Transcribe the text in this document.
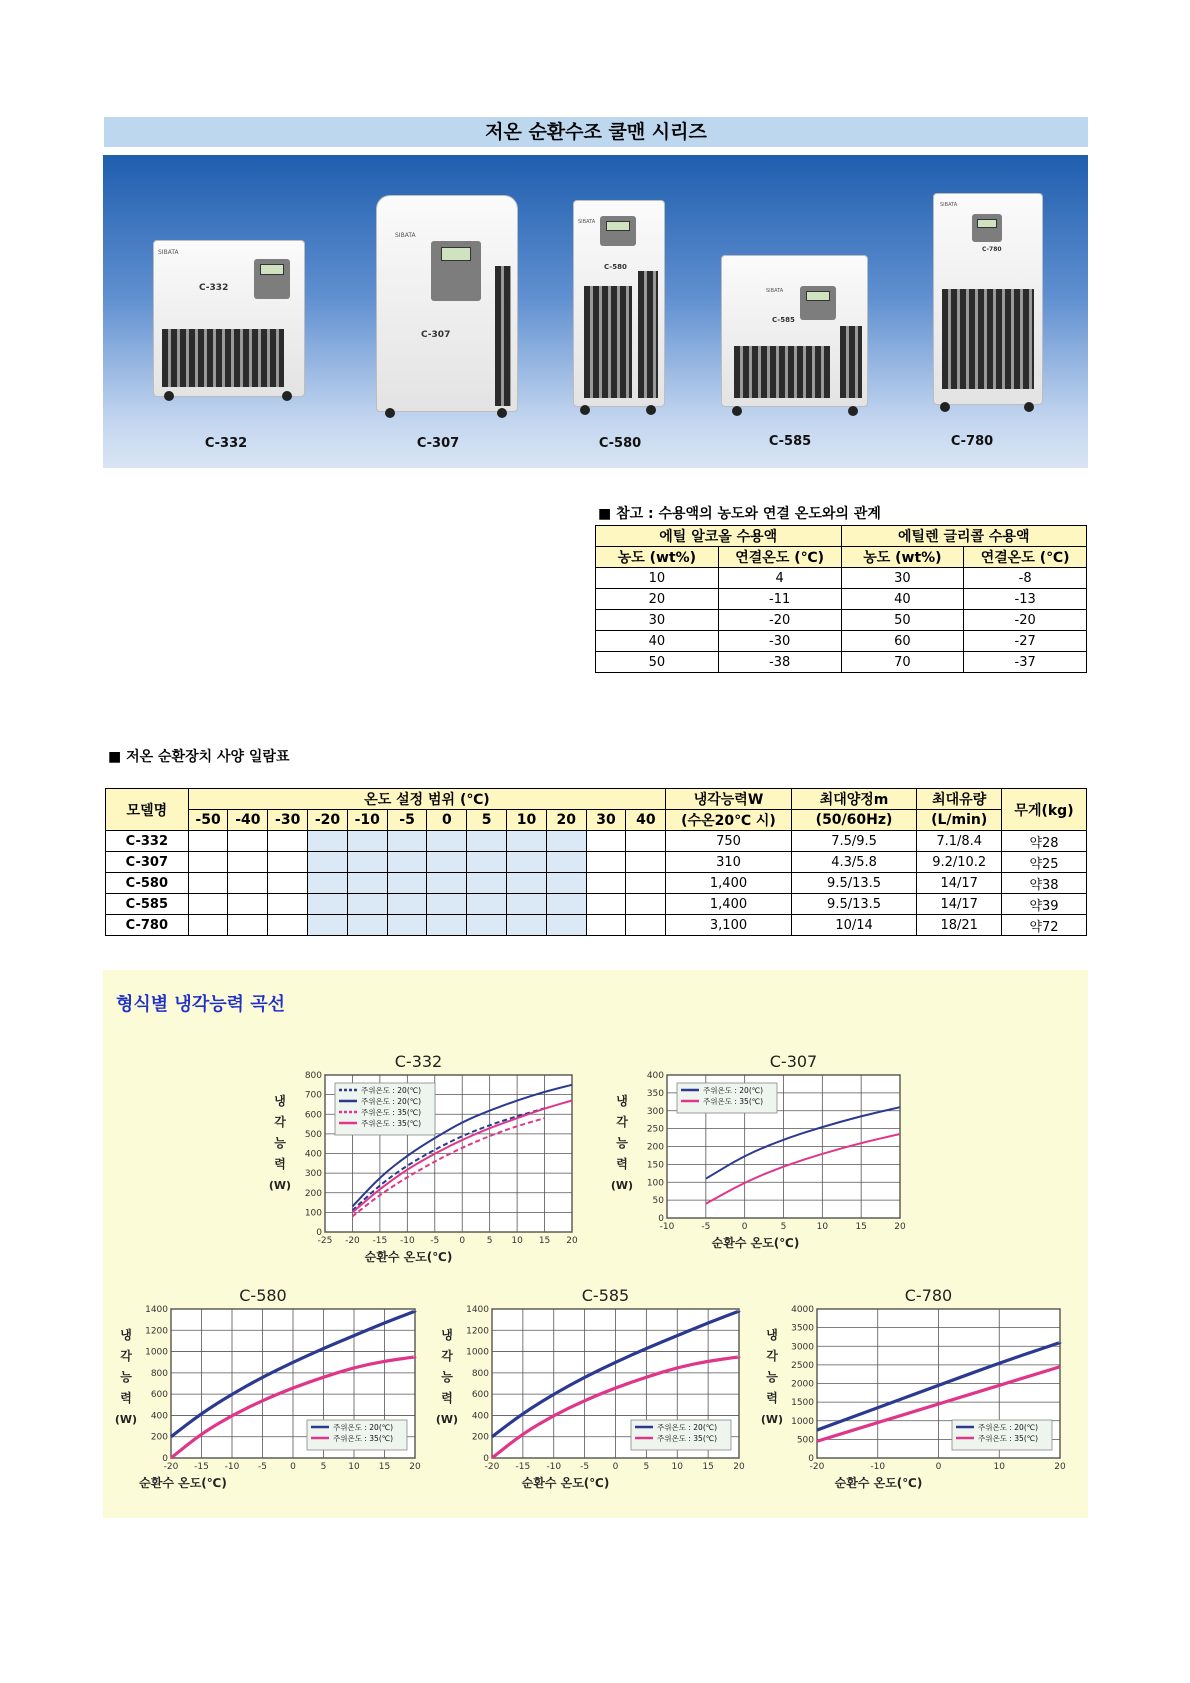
저온 순환수조 쿨맨 시리즈
C-332
SIBATA
C-307
SIBATA
C-580
SIBATA
C-585
SIBATA
C-780
SIBATA
C-332	C-307	C-580	C-585	C-780
■ 참고 : 수용액의 농도와 연결 온도와의 관계
에틸 알코올 수용액		에틸렌 글리콜 수용액	
농도 (wt%)	연결온도 (℃)	농도 (wt%)	연결온도 (℃)
10	4	30	-8
20	-11	40	-13
30	-20	50	-20
40	-30	60	-27
50	-38	70	-37
■ 저온 순환장치 사양 일람표
모델명	온도 설정 범위 (℃)												냉각능력W	최대양정m	최대유량	무게(kg)
	-50	-40	-30	-20	-10	-5	0	5	10	20	30	40	(수온20℃ 시)	(50/60Hz)	(L/min)	
C-332													750	7.5/9.5	7.1/8.4	약28
C-307													310	4.3/5.8	9.2/10.2	약25
C-580													1,400	9.5/13.5	14/17	약38
C-585													1,400	9.5/13.5	14/17	약39
C-780													3,100	10/14	18/21	약72
형식별 냉각능력 곡선
-25 -20 -15 -10 -5 0 5 10 15 20
0
100
200
300
400
500
600
700
800
C-332
냉 각 능 력 (W)
순환수 온도(℃)
주위온도 : 20(℃)
주위온도 : 20(℃)
주위온도 : 35(℃)
주위온도 : 35(℃)
-10	-5	0	5	10	15	20
0
50
100
150
200
250
300
350
400
C-307
냉 각 능 력 (W)
순환수 온도(℃)
주위온도 : 20(℃)
주위온도 : 35(℃)
-20 -15 -10 -5	0	5 10 15 20
0
200
400
600
800
1000
1200
1400
C-580
냉 각 능 력 (W)
순환수 온도(℃)
주위온도 : 20(℃)
주위온도 : 35(℃)
-20 -15 -10 -5	0	5 10 15 20
0
200
400
600
800
1000
1200
1400
C-585
냉 각 능 력 (W)
순환수 온도(℃)
주위온도 : 20(℃)
주위온도 : 35(℃)
-20	-10	0	10	20
0
500
1000
1500
2000
2500
3000
3500
4000
C-780
냉 각 능 력 (W)
순환수 온도(℃)
주위온도 : 20(℃)
주위온도 : 35(℃)
